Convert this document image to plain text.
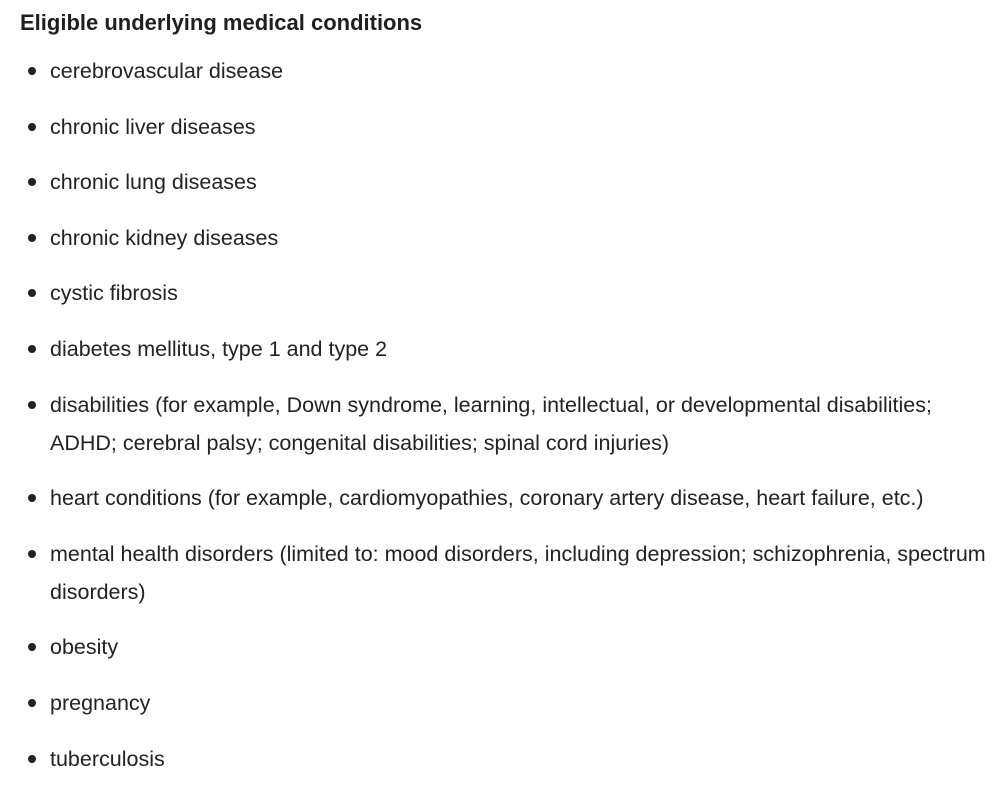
Eligible underlying medical conditions
cerebrovascular disease
chronic liver diseases
chronic lung diseases
chronic kidney diseases
cystic fibrosis
diabetes mellitus, type 1 and type 2
disabilities (for example, Down syndrome, learning, intellectual, or developmental disabilities; ADHD; cerebral palsy; congenital disabilities; spinal cord injuries)
heart conditions (for example, cardiomyopathies, coronary artery disease, heart failure, etc.)
mental health disorders (limited to: mood disorders, including depression; schizophrenia, spectrum disorders)
obesity
pregnancy
tuberculosis
